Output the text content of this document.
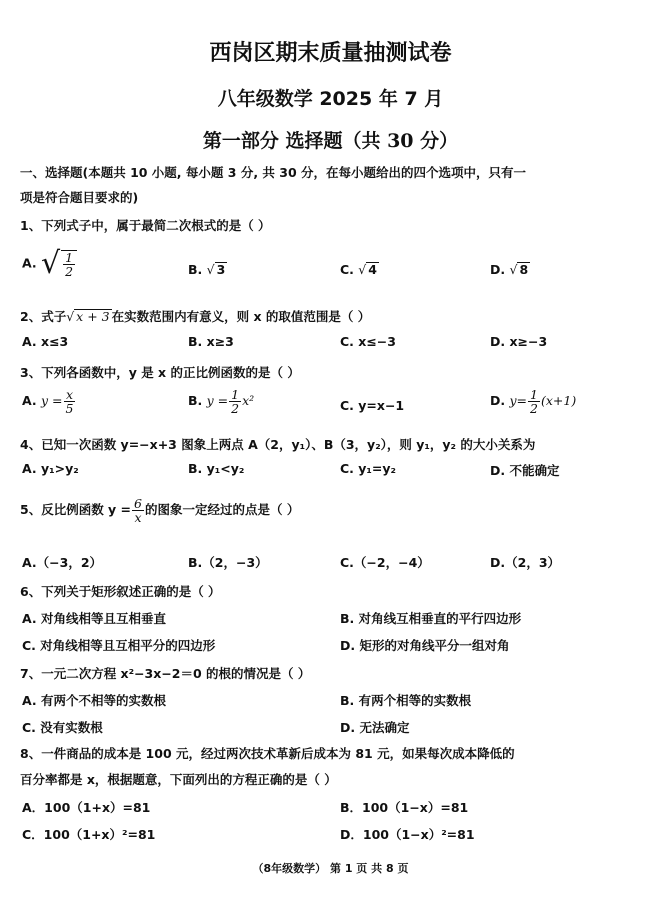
西岗区期末质量抽测试卷
八年级数学 2025 年 7 月
第一部分 选择题（共 30 分）
一、选择题(本题共 10 小题, 每小题 3 分, 共 30 分，在每小题给出的四个选项中，只有一
项是符合题目要求的)
1、下列式子中，属于最简二次根式的是（ ）
A. √ $\frac{1}{2}$	B. √ 3	C. √ 4	D. √ 8
2、式子√ x + 3 在实数范围内有意义，则 x 的取值范围是（ ）
A. x≤3	B. x≥3	C. x≤−3	D. x≥−3
3、下列各函数中，y 是 x 的正比例函数的是（ ）
A. $y = \frac{x}{5}$	B. $y = \frac{1}{2} x^2$	C. y=x−1	D. $y= \frac{1}{2} (x+1)$
4、已知一次函数 y=−x+3 图象上两点 A（2，y₁）、B（3，y₂），则 y₁，y₂ 的大小关系为
A. y₁>y₂	B. y₁<y₂	C. y₁=y₂	D. 不能确定
5、反比例函数 $y = \frac{6}{x}$ 的图象一定经过的点是（ ）
A.（−3，2）	B.（2，−3）	C.（−2，−4）	D.（2，3）
6、下列关于矩形叙述正确的是（ ）
A. 对角线相等且互相垂直	B. 对角线互相垂直的平行四边形
C. 对角线相等且互相平分的四边形	D. 矩形的对角线平分一组对角
7、一元二次方程 x²−3x−2＝0 的根的情况是（ ）
A. 有两个不相等的实数根	B. 有两个相等的实数根
C. 没有实数根	D. 无法确定
8、一件商品的成本是 100 元，经过两次技术革新后成本为 81 元，如果每次成本降低的
百分率都是 x，根据题意，下面列出的方程正确的是（ ）
A．100（1+x）=81	B．100（1−x）=81
C．100（1+x）²=81	D．100（1−x）²=81
（8年级数学） 第 1 页 共 8 页
